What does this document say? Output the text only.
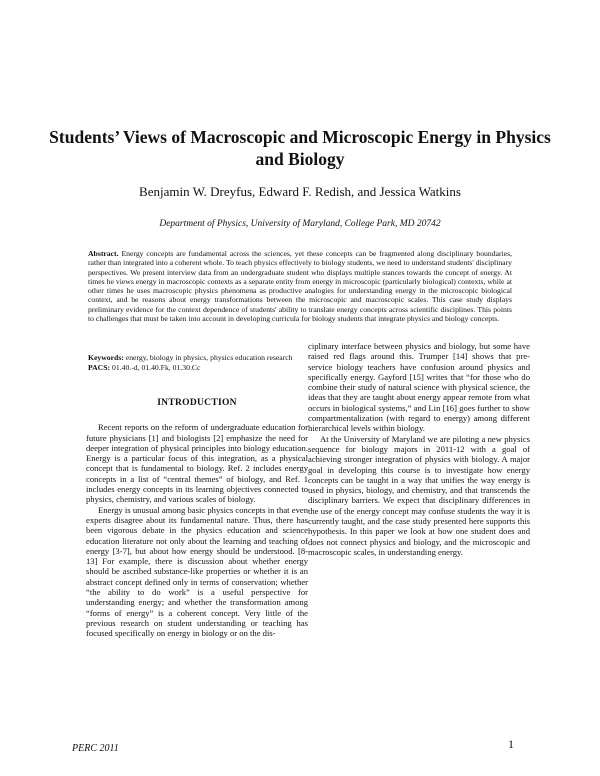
Students’ Views of Macroscopic and Microscopic Energy in Physics and Biology

Benjamin W. Dreyfus, Edward F. Redish, and Jessica Watkins

Department of Physics, University of Maryland, College Park, MD 20742

Abstract. Energy concepts are fundamental across the sciences, yet these concepts can be fragmented along disciplinary boundaries, rather than integrated into a coherent whole. To teach physics effectively to biology students, we need to understand students' disciplinary perspectives. We present interview data from an undergraduate student who displays multiple stances towards the concept of energy. At times he views energy in macroscopic contexts as a separate entity from energy in microscopic (particularly biological) contexts, while at other times he uses macroscopic physics phenomena as productive analogies for understanding energy in the microscopic biological context, and he reasons about energy transformations between the microscopic and macroscopic scales. This case study displays preliminary evidence for the context dependence of students' ability to translate energy concepts across scientific disciplines. This points to challenges that must be taken into account in developing curricula for biology students that integrate physics and biology concepts.

Keywords: energy, biology in physics, physics education research
PACS: 01.40.-d, 01.40.Fk, 01.30.Cc
INTRODUCTION

Recent reports on the reform of undergraduate education for future physicians [1] and biologists [2] emphasize the need for deeper integration of physical principles into biology education. Energy is a particular focus of this integration, as a physical concept that is fundamental to biology. Ref. 2 includes energy concepts in a list of “central themes” of biology, and Ref. 1 includes energy concepts in its learning objectives connected to physics, chemistry, and various scales of biology.

Energy is unusual among basic physics concepts in that even experts disagree about its fundamental nature. Thus, there has been vigorous debate in the physics education and science education literature not only about the learning and teaching of energy [3-7], but about how energy should be understood. [8-13] For example, there is discussion about whether energy should be ascribed substance-like properties or whether it is an abstract concept defined only in terms of conservation; whether “the ability to do work” is a useful perspective for understanding energy; and whether the transformation among “forms of energy” is a coherent concept. Very little of the previous research on student understanding or teaching has focused specifically on energy in biology or on the dis-

ciplinary interface between physics and biology, but some have raised red flags around this. Trumper [14] shows that pre-service biology teachers have confusion around physics and specifically energy. Gayford [15] writes that “for those who do combine their study of natural science with physical science, the ideas that they are taught about energy appear remote from what occurs in biological systems,” and Lin [16] goes further to show compartmentalization (with regard to energy) among different hierarchical levels within biology.

At the University of Maryland we are piloting a new physics sequence for biology majors in 2011-12 with a goal of achieving stronger integration of physics with biology. A major goal in developing this course is to investigate how energy concepts can be taught in a way that unifies the way energy is used in physics, biology, and chemistry, and that transcends the disciplinary barriers. We expect that disciplinary differences in the use of the energy concept may confuse students the way it is currently taught, and the case study presented here supports this hypothesis. In this paper we look at how one student does and does not connect physics and biology, and the microscopic and macroscopic scales, in understanding energy.

PERC 2011	1
